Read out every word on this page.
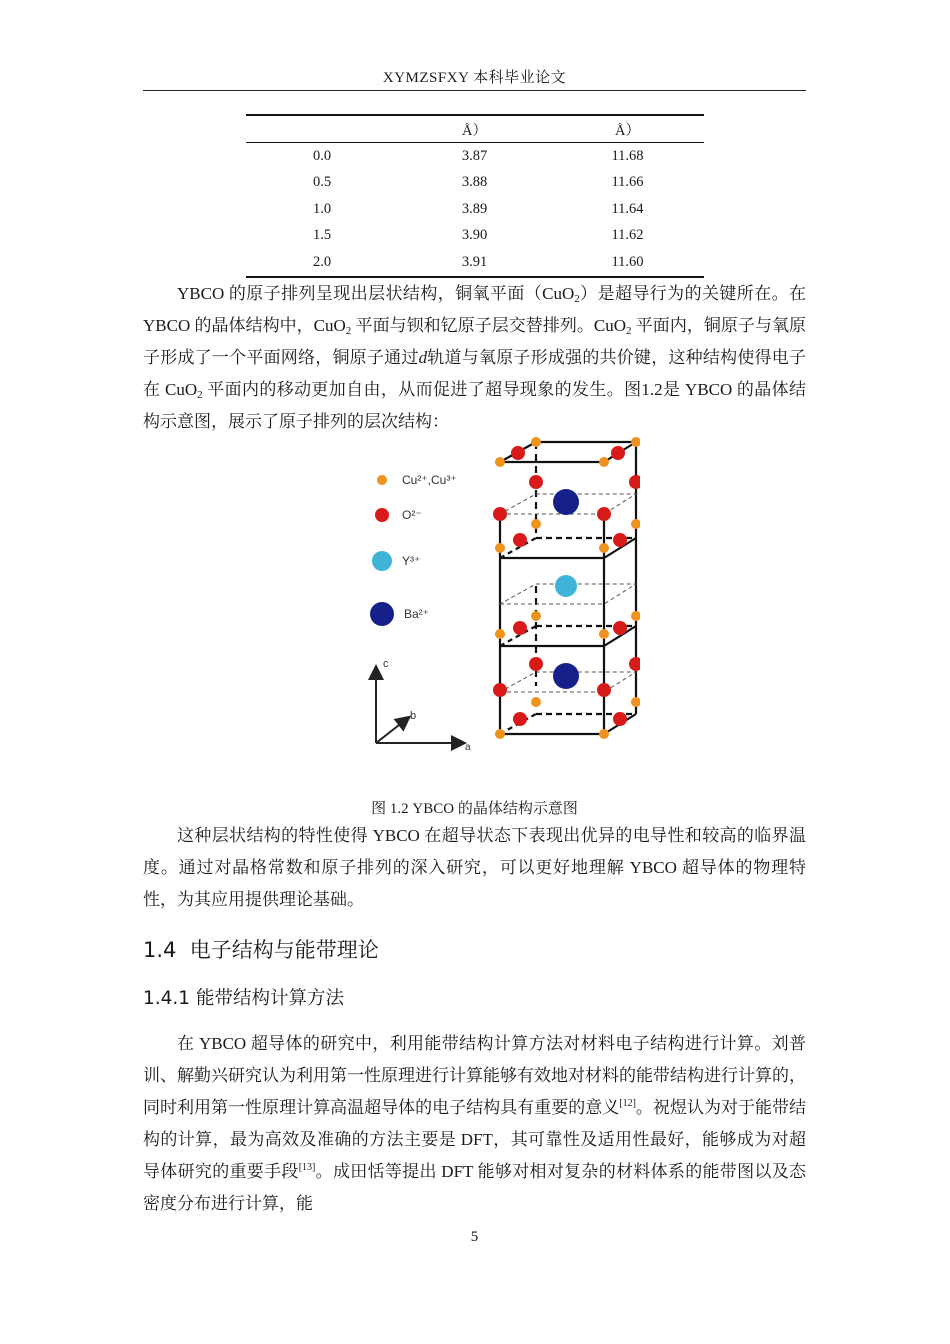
XYMZSFXY 本科毕业论文
	Å）	Å）
0.0	3.87	11.68
0.5	3.88	11.66
1.0	3.89	11.64
1.5	3.90	11.62
2.0	3.91	11.60

YBCO 的原子排列呈现出层状结构，铜氧平面（CuO$_2$）是超导行为的关键所在。在 YBCO 的晶体结构中，CuO$_2$ 平面与钡和钇原子层交替排列。CuO$_2$ 平面内，铜原子与氧原子形成了一个平面网络，铜原子通过d轨道与氧原子形成强的共价键，这种结构使得电子在 CuO$_2$ 平面内的移动更加自由，从而促进了超导现象的发生。图1.2是 YBCO 的晶体结构示意图，展示了原子排列的层次结构：

Cu²⁺,Cu³⁺
O²⁻
Y³⁺
Ba²⁺
c
b
a
图 1.2 YBCO 的晶体结构示意图

这种层状结构的特性使得 YBCO 在超导状态下表现出优异的电导性和较高的临界温度。通过对晶格常数和原子排列的深入研究，可以更好地理解 YBCO 超导体的物理特性，为其应用提供理论基础。

1.4 电子结构与能带理论
1.4.1 能带结构计算方法

在 YBCO 超导体的研究中，利用能带结构计算方法对材料电子结构进行计算。刘普训、解勤兴研究认为利用第一性原理进行计算能够有效地对材料的能带结构进行计算的，同时利用第一性原理计算高温超导体的电子结构具有重要的意义[12]。祝煜认为对于能带结构的计算，最为高效及准确的方法主要是 DFT，其可靠性及适用性最好，能够成为对超导体研究的重要手段[13]。成田恬等提出 DFT 能够对相对复杂的材料体系的能带图以及态密度分布进行计算，能

5
